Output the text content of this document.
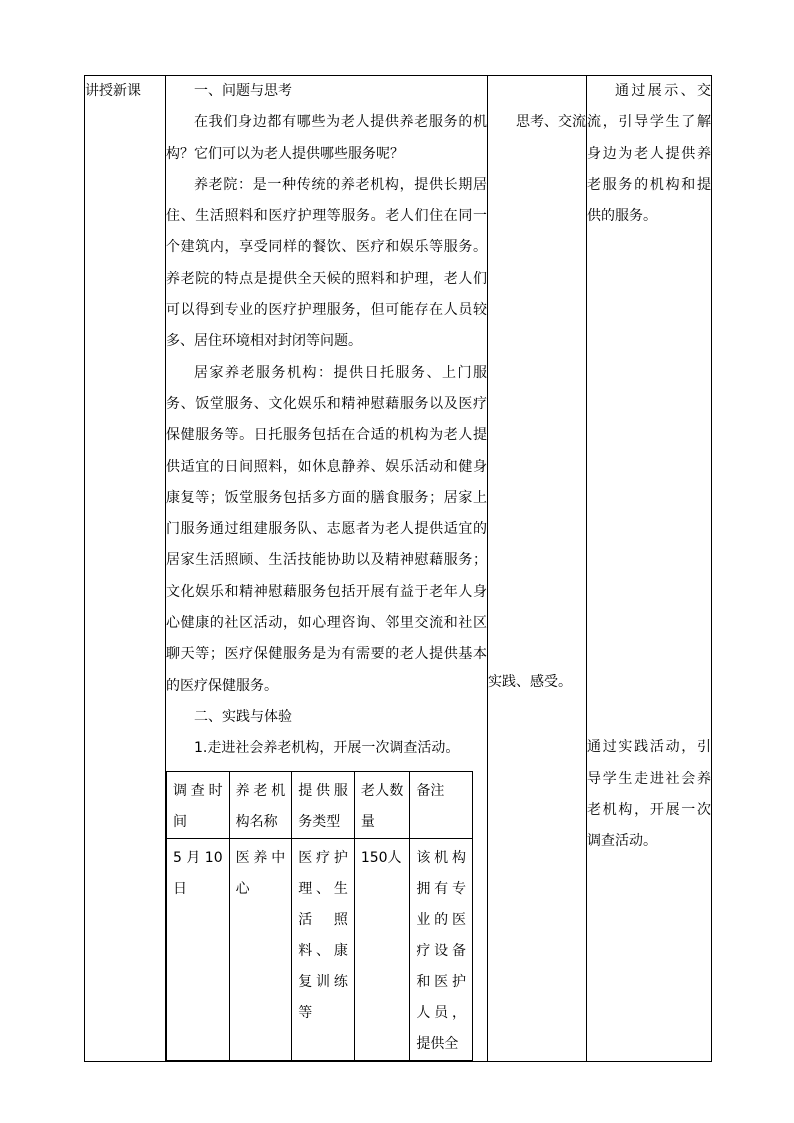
讲授新课	一、问题与思考

在我们身边都有哪些为老人提供养老服务的机构？它们可以为老人提供哪些服务呢？

养老院：是一种传统的养老机构，提供长期居住、生活照料和医疗护理等服务。老人们住在同一个建筑内，享受同样的餐饮、医疗和娱乐等服务。养老院的特点是提供全天候的照料和护理，老人们可以得到专业的医疗护理服务，但可能存在人员较多、居住环境相对封闭等问题。

居家养老服务机构：提供日托服务、上门服务、饭堂服务、文化娱乐和精神慰藉服务以及医疗保健服务等。日托服务包括在合适的机构为老人提供适宜的日间照料，如休息静养、娱乐活动和健身康复等；饭堂服务包括多方面的膳食服务；居家上门服务通过组建服务队、志愿者为老人提供适宜的居家生活照顾、生活技能协助以及精神慰藉服务；文化娱乐和精神慰藉服务包括开展有益于老年人身心健康的社区活动，如心理咨询、邻里交流和社区聊天等；医疗保健服务是为有需要的老人提供基本的医疗保健服务。

二、实践与体验

1.走进社会养老机构，开展一次调查活动。

调查时间	养老机构名称	提供服务类型	老人数量	备注
5月10日	医养中心	医疗护理、生活照料、康复训练等	150人	该机构拥有专业的医疗设备和医护人员，提供全

思考、交流
实践、感受。

通过展示、交流，引导学生了解身边为老人提供养老服务的机构和提供的服务。
通过实践活动，引导学生走进社会养老机构，开展一次调查活动。
